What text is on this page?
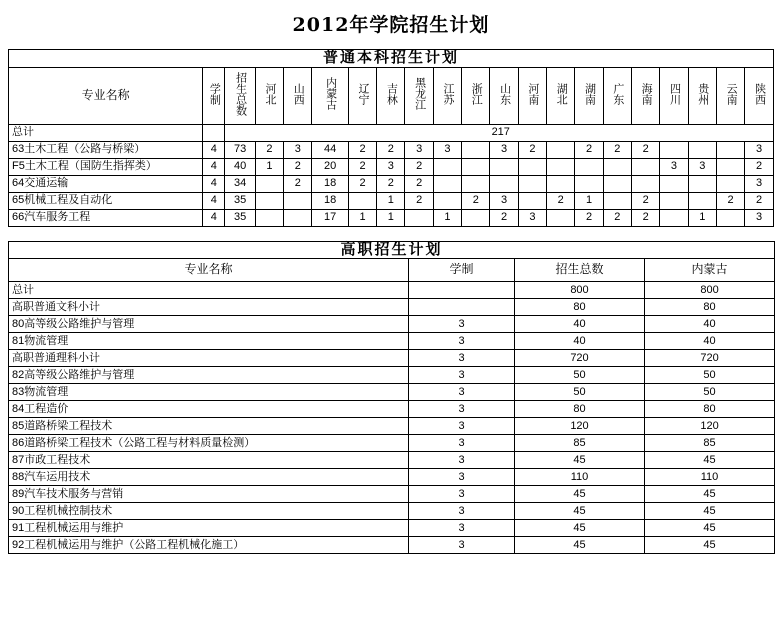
2012年学院招生计划
普通本科招生计划																				
专业名称	学制	招生总数	河北	山西	内蒙古	辽宁	吉林	黑龙江	江苏	浙江	山东	河南	湖北	湖南	广东	海南	四川	贵州	云南	陕西
总计		217																		
63土木工程（公路与桥梁）	4	73	2	3	44	2	2	3	3		3	2		2	2	2				3
F5土木工程（国防生指挥类）	4	40	1	2	20	2	3	2									3	3		2
64交通运输	4	34		2	18	2	2	2												3
65机械工程及自动化	4	35			18		1	2		2	3		2	1		2			2	2
66汽车服务工程	4	35			17	1	1		1		2	3		2	2	2		1		3
高职招生计划			
专业名称	学制	招生总数	内蒙古
总计		800	800
高职普通文科小计		80	80
80高等级公路维护与管理	3	40	40
81物流管理	3	40	40
高职普通理科小计	3	720	720
82高等级公路维护与管理	3	50	50
83物流管理	3	50	50
84工程造价	3	80	80
85道路桥梁工程技术	3	120	120
86道路桥梁工程技术（公路工程与材料质量检测）	3	85	85
87市政工程技术	3	45	45
88汽车运用技术	3	110	110
89汽车技术服务与营销	3	45	45
90工程机械控制技术	3	45	45
91工程机械运用与维护	3	45	45
92工程机械运用与维护（公路工程机械化施工）	3	45	45
